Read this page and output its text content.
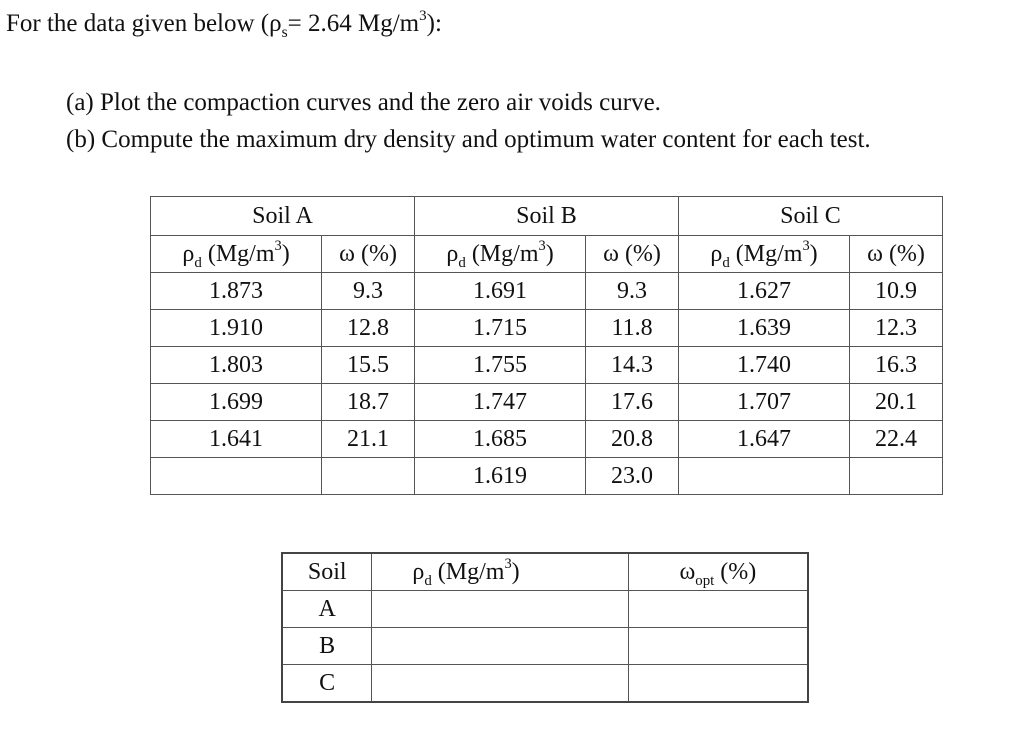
For the data given below ($\rho_s= 2.64$ $Mg/m^3$):
(a) Plot the compaction curves and the zero air voids curve.
(b) Compute the maximum dry density and optimum water content for each test.
Soil A		Soil B		Soil C	
$\rho_d$ $(Mg/m^3)$	ω (%)	$\rho_d$ $(Mg/m^3)$	ω (%)	$\rho_d$ $(Mg/m^3)$	ω (%)
1.873	9.3	1.691	9.3	1.627	10.9
1.910	12.8	1.715	11.8	1.639	12.3
1.803	15.5	1.755	14.3	1.740	16.3
1.699	18.7	1.747	17.6	1.707	20.1
1.641	21.1	1.685	20.8	1.647	22.4
		1.619	23.0		
Soil	$\rho_d$ $(Mg/m^3)$	$\omega_{opt}$ (%)
A		
B		
C		
